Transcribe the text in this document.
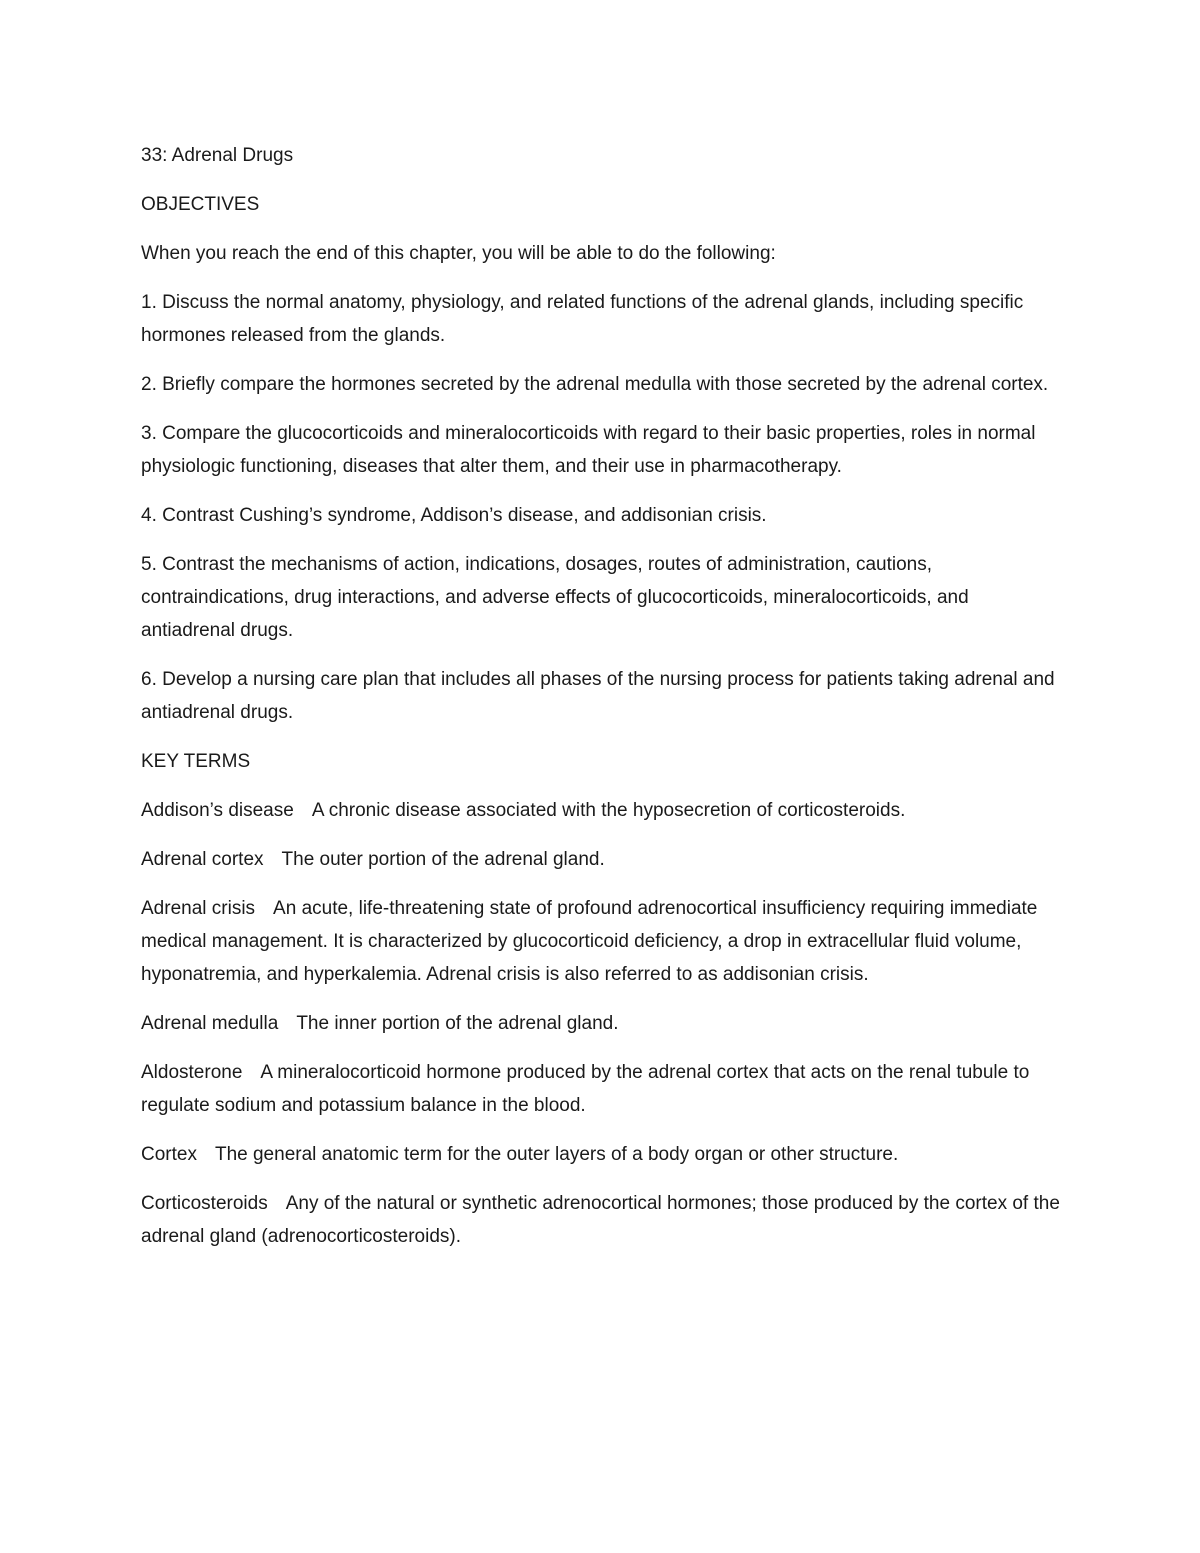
33: Adrenal Drugs

OBJECTIVES

When you reach the end of this chapter, you will be able to do the following:

1. Discuss the normal anatomy, physiology, and related functions of the adrenal glands, including specific hormones released from the glands.

2. Briefly compare the hormones secreted by the adrenal medulla with those secreted by the adrenal cortex.

3. Compare the glucocorticoids and mineralocorticoids with regard to their basic properties, roles in normal physiologic functioning, diseases that alter them, and their use in pharmacotherapy.

4. Contrast Cushing’s syndrome, Addison’s disease, and addisonian crisis.

5. Contrast the mechanisms of action, indications, dosages, routes of administration, cautions, contraindications, drug interactions, and adverse effects of glucocorticoids, mineralocorticoids, and antiadrenal drugs.

6. Develop a nursing care plan that includes all phases of the nursing process for patients taking adrenal and antiadrenal drugs.

KEY TERMS

Addison’s disease A chronic disease associated with the hyposecretion of corticosteroids.

Adrenal cortex The outer portion of the adrenal gland.

Adrenal crisis An acute, life-threatening state of profound adrenocortical insufficiency requiring immediate medical management. It is characterized by glucocorticoid deficiency, a drop in extracellular fluid volume, hyponatremia, and hyperkalemia. Adrenal crisis is also referred to as addisonian crisis.

Adrenal medulla The inner portion of the adrenal gland.

Aldosterone A mineralocorticoid hormone produced by the adrenal cortex that acts on the renal tubule to regulate sodium and potassium balance in the blood.

Cortex The general anatomic term for the outer layers of a body organ or other structure.

Corticosteroids Any of the natural or synthetic adrenocortical hormones; those produced by the cortex of the adrenal gland (adrenocorticosteroids).
